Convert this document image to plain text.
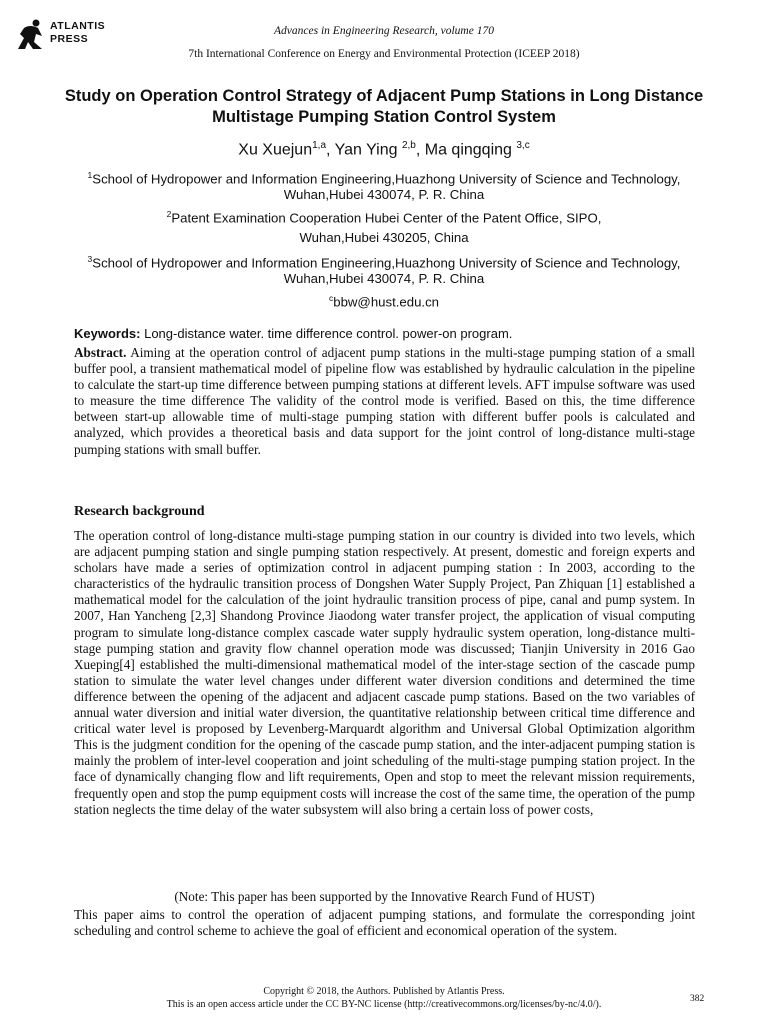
ATLANTIS
PRESS
Advances in Engineering Research, volume 170
7th International Conference on Energy and Environmental Protection (ICEEP 2018)
Study on Operation Control Strategy of Adjacent Pump Stations in Long Distance Multistage Pumping Station Control System
Xu Xuejun$^{1,a}$, Yan Ying $^{2,b}$, Ma qingqing $^{3,c}$
$^1$School of Hydropower and Information Engineering,Huazhong University of Science and Technology, Wuhan,Hubei 430074, P. R. China
$^2$Patent Examination Cooperation Hubei Center of the Patent Office, SIPO,
Wuhan,Hubei 430205, China
$^3$School of Hydropower and Information Engineering,Huazhong University of Science and Technology, Wuhan,Hubei 430074, P. R. China
$^c$bbw@hust.edu.cn
Keywords: Long-distance water. time difference control. power-on program.
Abstract. Aiming at the operation control of adjacent pump stations in the multi-stage pumping station of a small buffer pool, a transient mathematical model of pipeline flow was established by hydraulic calculation in the pipeline to calculate the start-up time difference between pumping stations at different levels. AFT impulse software was used to measure the time difference The validity of the control mode is verified. Based on this, the time difference between start-up allowable time of multi-stage pumping station with different buffer pools is calculated and analyzed, which provides a theoretical basis and data support for the joint control of long-distance multi-stage pumping stations with small buffer.
Research background
The operation control of long-distance multi-stage pumping station in our country is divided into two levels, which are adjacent pumping station and single pumping station respectively. At present, domestic and foreign experts and scholars have made a series of optimization control in adjacent pumping station : In 2003, according to the characteristics of the hydraulic transition process of Dongshen Water Supply Project, Pan Zhiquan [1] established a mathematical model for the calculation of the joint hydraulic transition process of pipe, canal and pump system. In 2007, Han Yancheng [2,3] Shandong Province Jiaodong water transfer project, the application of visual computing program to simulate long-distance complex cascade water supply hydraulic system operation, long-distance multi-stage pumping station and gravity flow channel operation mode was discussed; Tianjin University in 2016 Gao Xueping[4] established the multi-dimensional mathematical model of the inter-stage section of the cascade pump station to simulate the water level changes under different water diversion conditions and determined the time difference between the opening of the adjacent and adjacent cascade pump stations. Based on the two variables of annual water diversion and initial water diversion, the quantitative relationship between critical time difference and critical water level is proposed by Levenberg-Marquardt algorithm and Universal Global Optimization algorithm This is the judgment condition for the opening of the cascade pump station, and the inter-adjacent pumping station is mainly the problem of inter-level cooperation and joint scheduling of the multi-stage pumping station project. In the face of dynamically changing flow and lift requirements, Open and stop to meet the relevant mission requirements, frequently open and stop the pump equipment costs will increase the cost of the same time, the operation of the pump station neglects the time delay of the water subsystem will also bring a certain loss of power costs,
(Note: This paper has been supported by the Innovative Rearch Fund of HUST)
This paper aims to control the operation of adjacent pumping stations, and formulate the corresponding joint scheduling and control scheme to achieve the goal of efficient and economical operation of the system.
Copyright © 2018, the Authors. Published by Atlantis Press.
This is an open access article under the CC BY-NC license (http://creativecommons.org/licenses/by-nc/4.0/).	382
